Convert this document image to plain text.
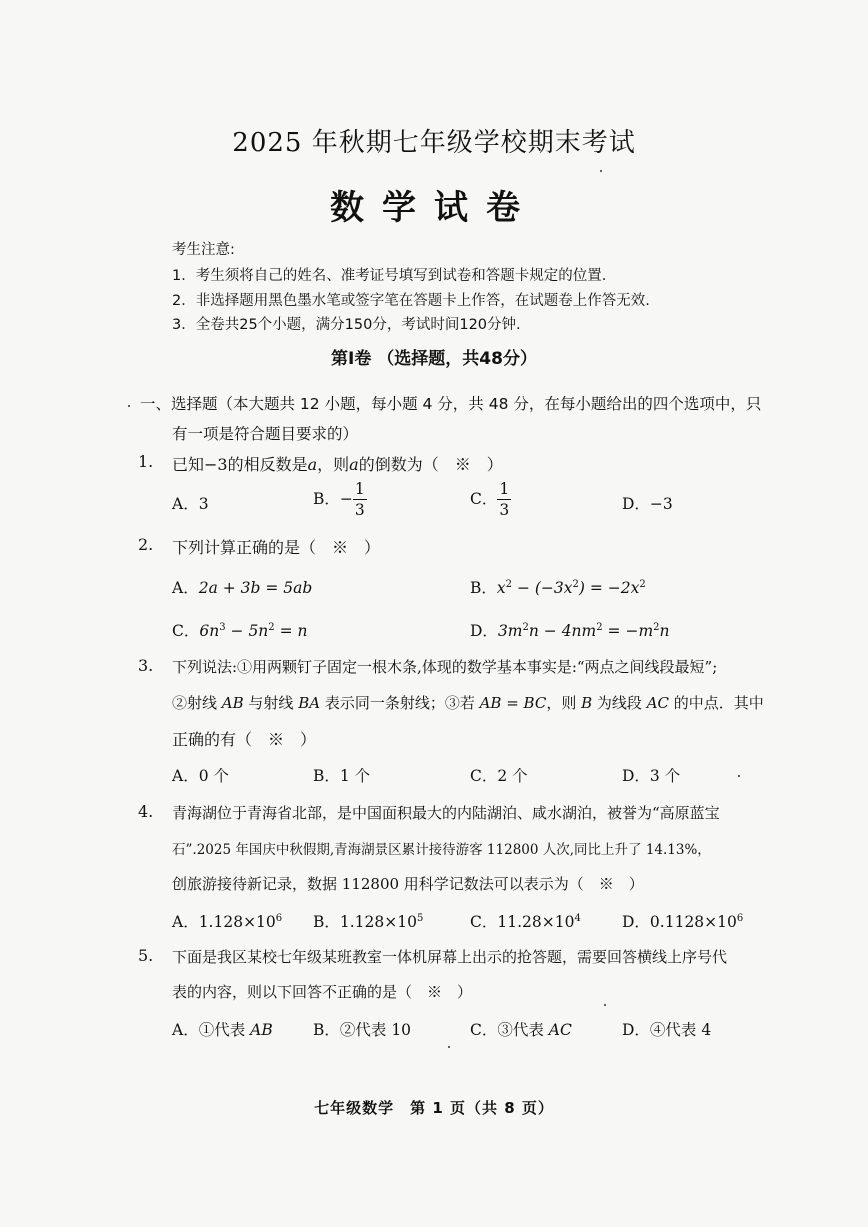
2025 年秋期七年级学校期末考试
数学试卷
考生注意:
1．考生须将自己的姓名、准考证号填写到试卷和答题卡规定的位置.
2．非选择题用黑色墨水笔或签字笔在答题卡上作答，在试题卷上作答无效.
3．全卷共25个小题，满分150分，考试时间120分钟.
第Ⅰ卷 （选择题，共48分）
一、选择题（本大题共 12 小题，每小题 4 分，共 48 分，在每小题给出的四个选项中，只
有一项是符合题目要求的）
1. 已知−3的相反数是a，则a的倒数为（　※　）
A．3	B．− $\frac{1}{3}$	C． $\frac{1}{3}$	D．−3
2. 下列计算正确的是（　※　）
A．2a + 3b = 5ab	B．$x^2 - (-3x^2) = -2x^2$
C．$6n^3 - 5n^2 = n$	D．$3m^2n - 4nm^2 = -m^2n$
3. 下列说法:①用两颗钉子固定一根木条,体现的数学基本事实是:“两点之间线段最短”;
②射线 AB 与射线 BA 表示同一条射线；③若 AB = BC，则 B 为线段 AC 的中点．其中
正确的有（　※　）
A．0 个	B．1 个	C．2 个	D．3 个
4. 青海湖位于青海省北部，是中国面积最大的内陆湖泊、咸水湖泊，被誉为“高原蓝宝
石”.2025 年国庆中秋假期,青海湖景区累计接待游客 112800 人次,同比上升了 14.13%，
创旅游接待新记录，数据 112800 用科学记数法可以表示为（　※　）
A．$1.128\times 10^6$ B．$1.128\times 10^5$	C．$11.28\times 10^4$	D．$0.1128\times 10^6$
5. 下面是我区某校七年级某班教室一体机屏幕上出示的抢答题，需要回答横线上序号代
表的内容，则以下回答不正确的是（　※　）
A．①代表 AB	B．②代表 10	C．③代表 AC	D．④代表 4
七年级数学　第 1 页（共 8 页）
